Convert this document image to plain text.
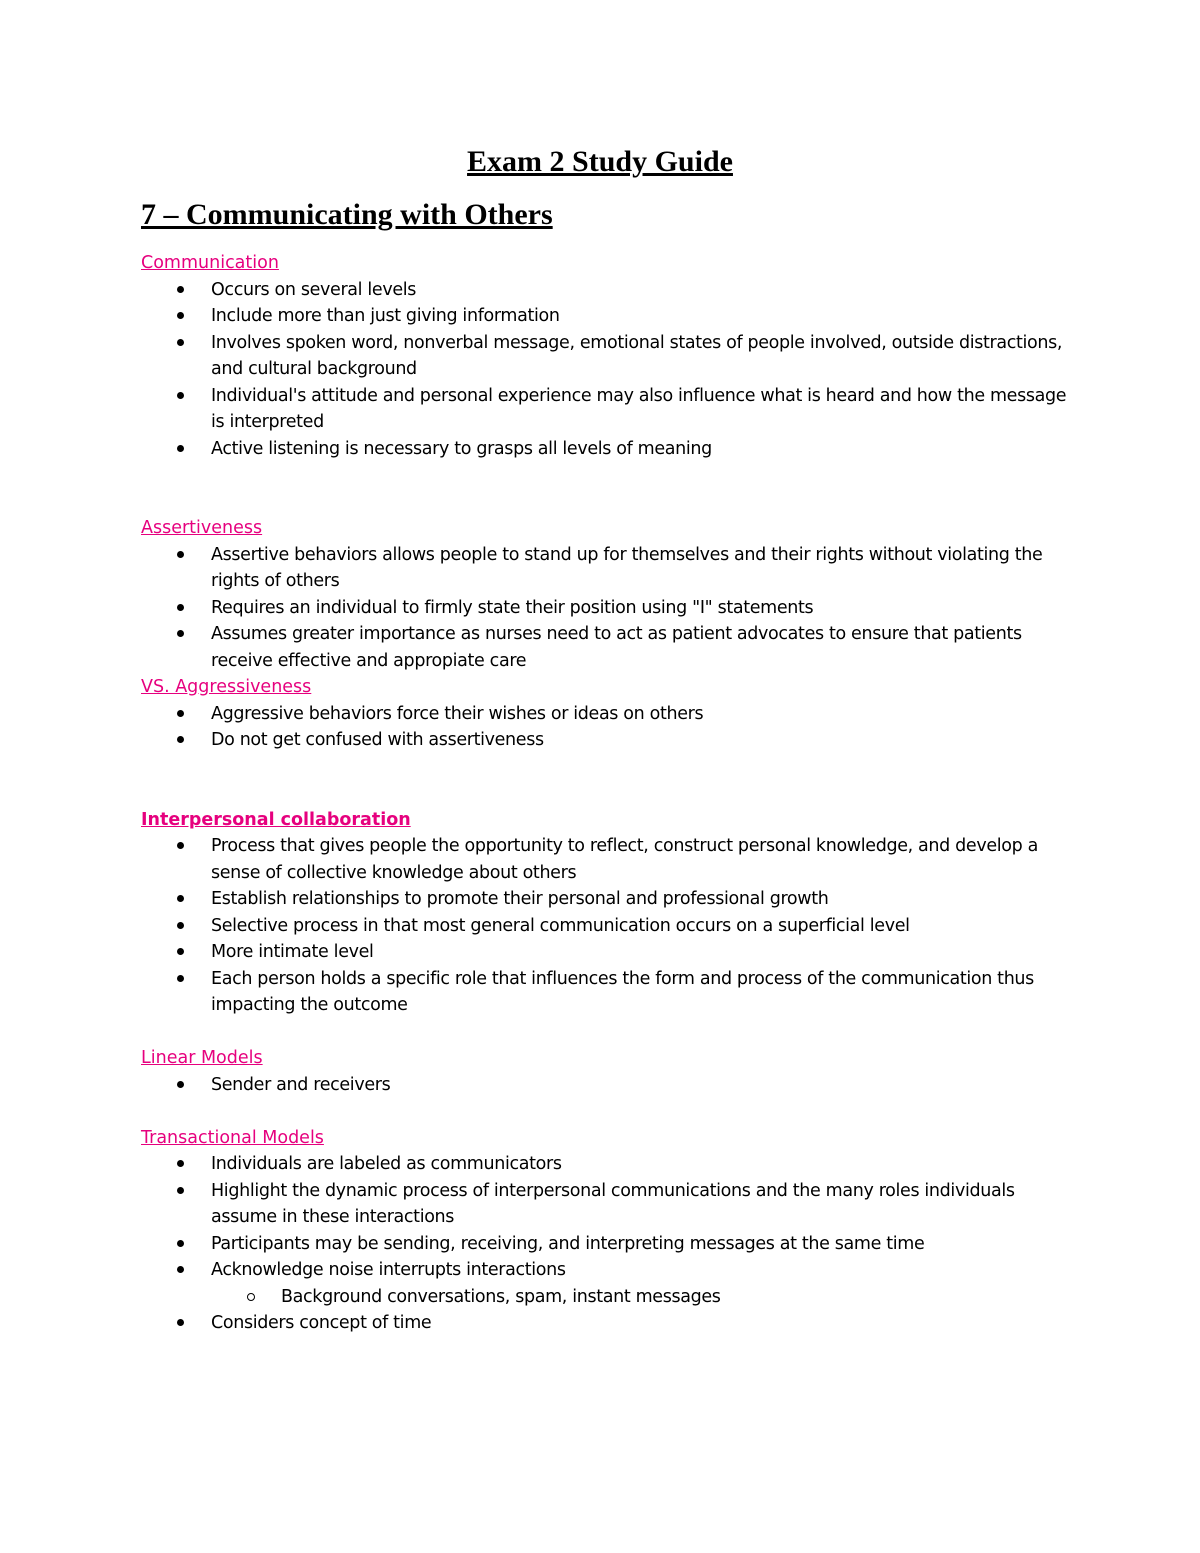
Exam 2 Study Guide
7 – Communicating with Others

Communication

Occurs on several levels
Include more than just giving information
Involves spoken word, nonverbal message, emotional states of people involved, outside distractions, and cultural background
Individual's attitude and personal experience may also influence what is heard and how the message is interpreted
Active listening is necessary to grasps all levels of meaning

Assertiveness

Assertive behaviors allows people to stand up for themselves and their rights without violating the rights of others
Requires an individual to firmly state their position using "I" statements
Assumes greater importance as nurses need to act as patient advocates to ensure that patients receive effective and appropiate care

VS. Aggressiveness

Aggressive behaviors force their wishes or ideas on others
Do not get confused with assertiveness

Interpersonal collaboration

Process that gives people the opportunity to reflect, construct personal knowledge, and develop a sense of collective knowledge about others
Establish relationships to promote their personal and professional growth
Selective process in that most general communication occurs on a superficial level
More intimate level
Each person holds a specific role that influences the form and process of the communication thus impacting the outcome

Linear Models

Sender and receivers

Transactional Models

Individuals are labeled as communicators
Highlight the dynamic process of interpersonal communications and the many roles individuals assume in these interactions
Participants may be sending, receiving, and interpreting messages at the same time
Acknowledge noise interrupts interactions
Background conversations, spam, instant messages
Considers concept of time
